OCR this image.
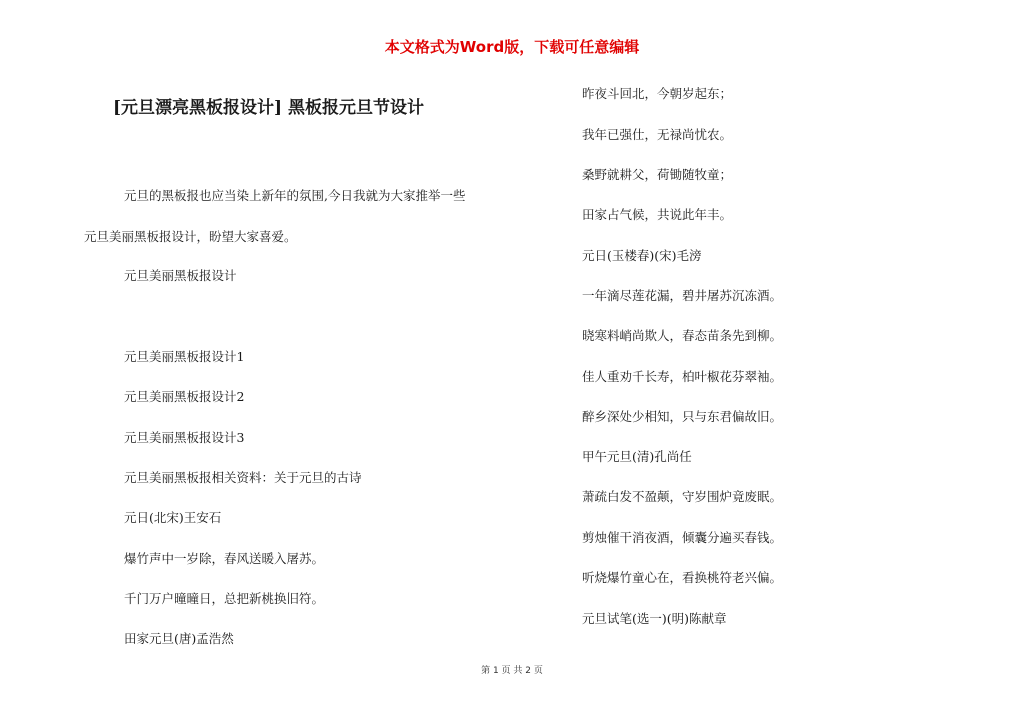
本文格式为Word版，下载可任意编辑
[元旦漂亮黑板报设计] 黑板报元旦节设计
元旦的黑板报也应当染上新年的氛围,今日我就为大家推举一些
元旦美丽黑板报设计，盼望大家喜爱。
元旦美丽黑板报设计
元旦美丽黑板报设计1
元旦美丽黑板报设计2
元旦美丽黑板报设计3
元旦美丽黑板报相关资料：关于元旦的古诗
元日(北宋)王安石
爆竹声中一岁除，春风送暖入屠苏。
千门万户曈曈日，总把新桃换旧符。
田家元旦(唐)孟浩然
昨夜斗回北，今朝岁起东；
我年已强仕，无禄尚忧农。
桑野就耕父，荷锄随牧童；
田家占气候，共说此年丰。
元日(玉楼春)(宋)毛滂
一年滴尽莲花漏，碧井屠苏沉冻酒。
晓寒料峭尚欺人，春态苗条先到柳。
佳人重劝千长寿，柏叶椒花芬翠袖。
醉乡深处少相知，只与东君偏故旧。
甲午元旦(清)孔尚任
萧疏白发不盈颠，守岁围炉竟废眠。
剪烛催干消夜酒，倾囊分遍买春钱。
听烧爆竹童心在，看换桃符老兴偏。
元旦试笔(选一)(明)陈献章
第 1 页 共 2 页
